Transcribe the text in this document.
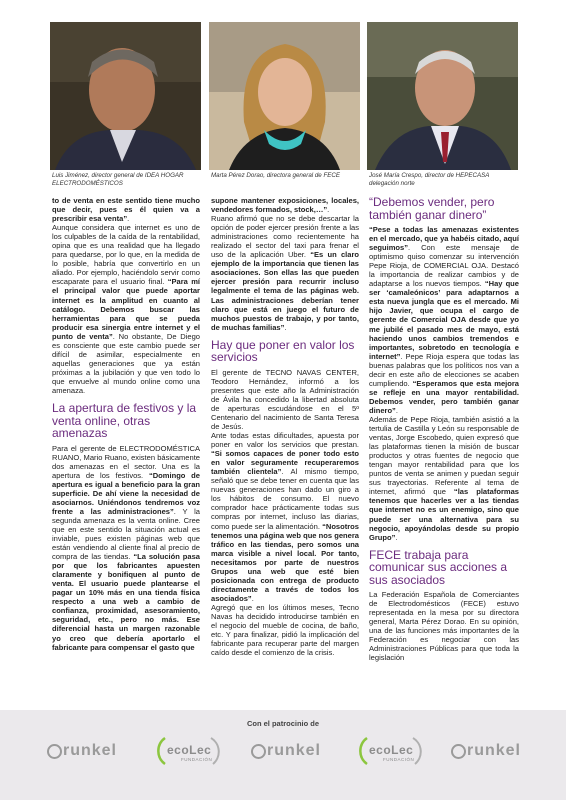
Luis Jiménez, director general de IDEA HOGAR ELECTRODOMÉSTICOS
Marta Pérez Dorao, directora general de FECE	José María Crespo, director de HEPECASA delegación norte

to de venta en este sentido tiene mucho que decir, pues es él quien va a prescribir esa venta”.

Aunque considera que internet es uno de los culpables de la caída de la rentabilidad, opina que es una realidad que ha llegado para quedarse, por lo que, en la medida de lo posible, habría que convertirlo en un aliado. Por ejemplo, haciéndolo servir como escaparate para el usuario final. “Para mí el principal valor que puede aportar internet es la amplitud en cuanto al catálogo. Debemos buscar las herramientas para que se pueda producir esa sinergia entre internet y el punto de venta”. No obstante, De Diego es consciente que este cambio puede ser difícil de asimilar, especialmente en aquellas generaciones que ya están próximas a la jubilación y que ven todo lo que envuelve al mundo online como una amenaza.

La apertura de festivos y la venta online, otras amenazas

Para el gerente de ELECTRODOMÉSTICA RUANO, Mario Ruano, existen básicamente dos amenazas en el sector. Una es la apertura de los festivos. “Domingo de apertura es igual a beneficio para la gran superficie. De ahí viene la necesidad de asociarnos. Uniéndonos tendremos voz frente a las administraciones”. Y la segunda amenaza es la venta online. Cree que en este sentido la situación actual es inviable, pues existen páginas web que están vendiendo al cliente final al precio de compra de las tiendas. “La solución pasa por que los fabricantes apuesten claramente y bonifiquen al punto de venta. El usuario puede plantearse el pagar un 10% más en una tienda física respecto a una web a cambio de confianza, proximidad, asesoramiento, seguridad, etc., pero no más. Ese diferencial hasta un margen razonable yo creo que debería aportarlo el fabricante para compensar el gasto que

supone mantener exposiciones, locales, vendedores formados, stock,…”.

Ruano afirmó que no se debe descartar la opción de poder ejercer presión frente a las administraciones como recientemente ha realizado el sector del taxi para frenar el uso de la aplicación Uber. “Es un claro ejemplo de la importancia que tienen las asociaciones. Son ellas las que pueden ejercer presión para recurrir incluso legalmente el tema de las páginas web. Las administraciones deberían tener claro que está en juego el futuro de muchos puestos de trabajo, y por tanto, de muchas familias”.

Hay que poner en valor los servicios

El gerente de TECNO NAVAS CENTER, Teodoro Hernández, informó a los presentes que este año la Administración de Ávila ha concedido la libertad absoluta de aperturas escudándose en el 5º Centenario del nacimiento de Santa Teresa de Jesús.

Ante todas estas dificultades, apuesta por poner en valor los servicios que prestan. “Si somos capaces de poner todo esto en valor seguramente recuperaremos también clientela”. Al mismo tiempo, señaló que se debe tener en cuenta que las nuevas generaciones han dado un giro a los hábitos de consumo. El nuevo comprador hace prácticamente todas sus compras por internet, incluso las diarias, como puede ser la alimentación. “Nosotros tenemos una página web que nos genera tráfico en las tiendas, pero somos una marca visible a nivel local. Por tanto, necesitamos por parte de nuestros Grupos una web que esté bien posicionada con entrega de producto directamente a través de todos los asociados”.

Agregó que en los últimos meses, Tecno Navas ha decidido introducirse también en el negocio del mueble de cocina, de baño, etc. Y para finalizar, pidió la implicación del fabricante para recuperar parte del margen caído desde el comienzo de la crisis.

“Debemos vender, pero también ganar dinero”

“Pese a todas las amenazas existentes en el mercado, que ya habéis citado, aquí seguimos”. Con este mensaje de optimismo quiso comenzar su intervención Pepe Rioja, de COMERCIAL OJA. Destacó la importancia de realizar cambios y de adaptarse a los nuevos tiempos. “Hay que ser ‘camaleónicos’ para adaptarnos a esta nueva jungla que es el mercado. Mi hijo Javier, que ocupa el cargo de gerente de Comercial OJA desde que yo me jubilé el pasado mes de mayo, está haciendo unos cambios tremendos e importantes, sobretodo en tecnología e internet”. Pepe Rioja espera que todas las buenas palabras que los políticos nos van a decir en este año de elecciones se acaben cumpliendo. “Esperamos que esta mejora se refleje en una mayor rentabilidad. Debemos vender, pero también ganar dinero”.

Además de Pepe Rioja, también asistió a la tertulia de Castilla y León su responsable de ventas, Jorge Escobedo, quien expresó que las plataformas tienen la misión de buscar productos y otras fuentes de negocio que tengan mayor rentabilidad para que los puntos de venta se animen y puedan seguir sus trayectorias. Referente al tema de internet, afirmó que “las plataformas tenemos que hacerles ver a las tiendas que internet no es un enemigo, sino que puede ser una alternativa para su negocio, apoyándolas desde su propio Grupo”.

FECE trabaja para comunicar sus acciones a sus asociados

La Federación Española de Comerciantes de Electrodomésticos (FECE) estuvo representada en la mesa por su directora general, Marta Pérez Dorao. En su opinión, una de las funciones más importantes de la Federación es negociar con las Administraciones Públicas para que toda la legislación

Con el patrocinio de
runkel	ecoLec
FUNDACIÓN
runkel	ecoLec
FUNDACIÓN
runkel
